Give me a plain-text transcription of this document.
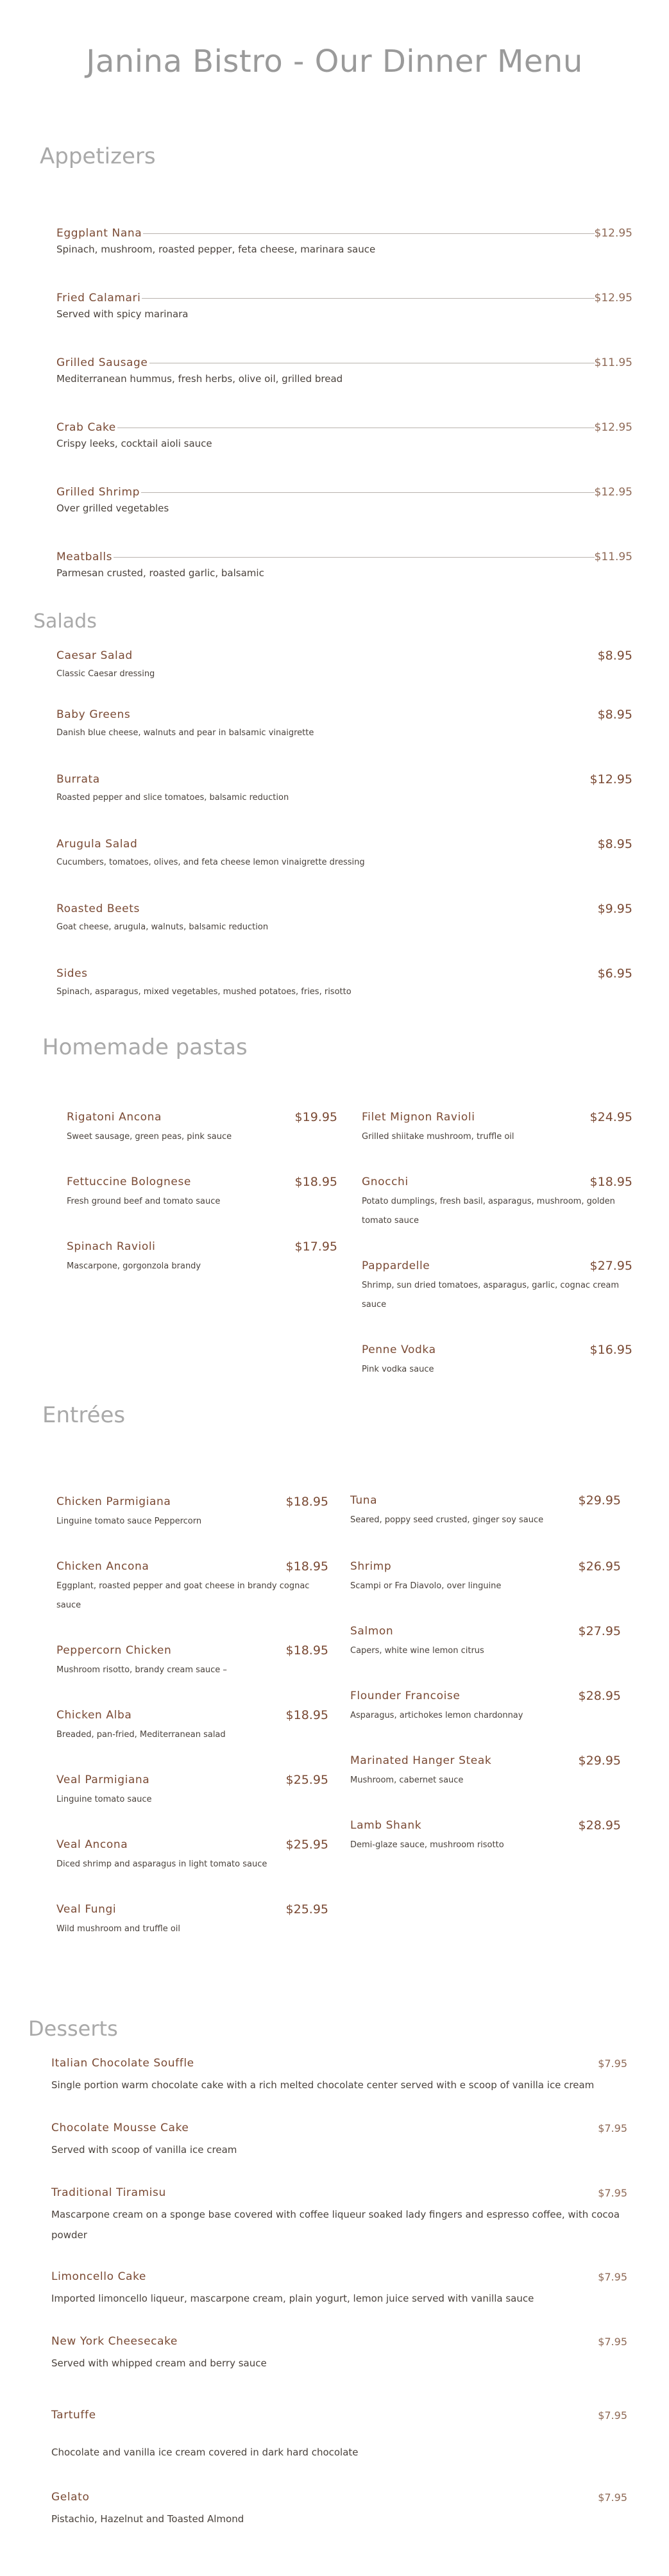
Janina Bistro - Our Dinner Menu
Appetizers
Eggplant Nana	$12.95
Spinach, mushroom, roasted pepper, feta cheese, marinara sauce
Fried Calamari	$12.95
Served with spicy marinara
Grilled Sausage	$11.95
Mediterranean hummus, fresh herbs, olive oil, grilled bread
Crab Cake	$12.95
Crispy leeks, cocktail aioli sauce
Grilled Shrimp	$12.95
Over grilled vegetables
Meatballs	$11.95
Parmesan crusted, roasted garlic, balsamic
Salads
Caesar Salad	$8.95
Classic Caesar dressing
Baby Greens	$8.95
Danish blue cheese, walnuts and pear in balsamic vinaigrette
Burrata	$12.95
Roasted pepper and slice tomatoes, balsamic reduction
Arugula Salad	$8.95
Cucumbers, tomatoes, olives, and feta cheese lemon vinaigrette dressing
Roasted Beets	$9.95
Goat cheese, arugula, walnuts, balsamic reduction
Sides	$6.95
Spinach, asparagus, mixed vegetables, mushed potatoes, fries, risotto
Homemade pastas
Rigatoni Ancona	$19.95
Sweet sausage, green peas, pink sauce
Fettuccine Bolognese	$18.95
Fresh ground beef and tomato sauce
Spinach Ravioli	$17.95
Mascarpone, gorgonzola brandy
Filet Mignon Ravioli	$24.95
Grilled shiitake mushroom, truffle oil
Gnocchi	$18.95
Potato dumplings, fresh basil, asparagus, mushroom, golden tomato sauce
Pappardelle	$27.95
Shrimp, sun dried tomatoes, asparagus, garlic, cognac cream sauce
Penne Vodka	$16.95
Pink vodka sauce
Entrées
Chicken Parmigiana	$18.95
Linguine tomato sauce Peppercorn
Chicken Ancona	$18.95
Eggplant, roasted pepper and goat cheese in brandy cognac sauce
Peppercorn Chicken	$18.95
Mushroom risotto, brandy cream sauce –
Chicken Alba	$18.95
Breaded, pan-fried, Mediterranean salad
Veal Parmigiana	$25.95
Linguine tomato sauce
Veal Ancona	$25.95
Diced shrimp and asparagus in light tomato sauce
Veal Fungi	$25.95
Wild mushroom and truffle oil
Tuna	$29.95
Seared, poppy seed crusted, ginger soy sauce
Shrimp	$26.95
Scampi or Fra Diavolo, over linguine
Salmon	$27.95
Capers, white wine lemon citrus
Flounder Francoise	$28.95
Asparagus, artichokes lemon chardonnay
Marinated Hanger Steak	$29.95
Mushroom, cabernet sauce
Lamb Shank	$28.95
Demi-glaze sauce, mushroom risotto
Desserts
Italian Chocolate Souffle	$7.95
Single portion warm chocolate cake with a rich melted chocolate center served with e scoop of vanilla ice cream
Chocolate Mousse Cake	$7.95
Served with scoop of vanilla ice cream
Traditional Tiramisu	$7.95
Mascarpone cream on a sponge base covered with coffee liqueur soaked lady fingers and espresso coffee, with cocoa powder
Limoncello Cake	$7.95
Imported limoncello liqueur, mascarpone cream, plain yogurt, lemon juice served with vanilla sauce
New York Cheesecake	$7.95
Served with whipped cream and berry sauce
Tartuffe	$7.95
Chocolate and vanilla ice cream covered in dark hard chocolate
Gelato	$7.95
Pistachio, Hazelnut and Toasted Almond
